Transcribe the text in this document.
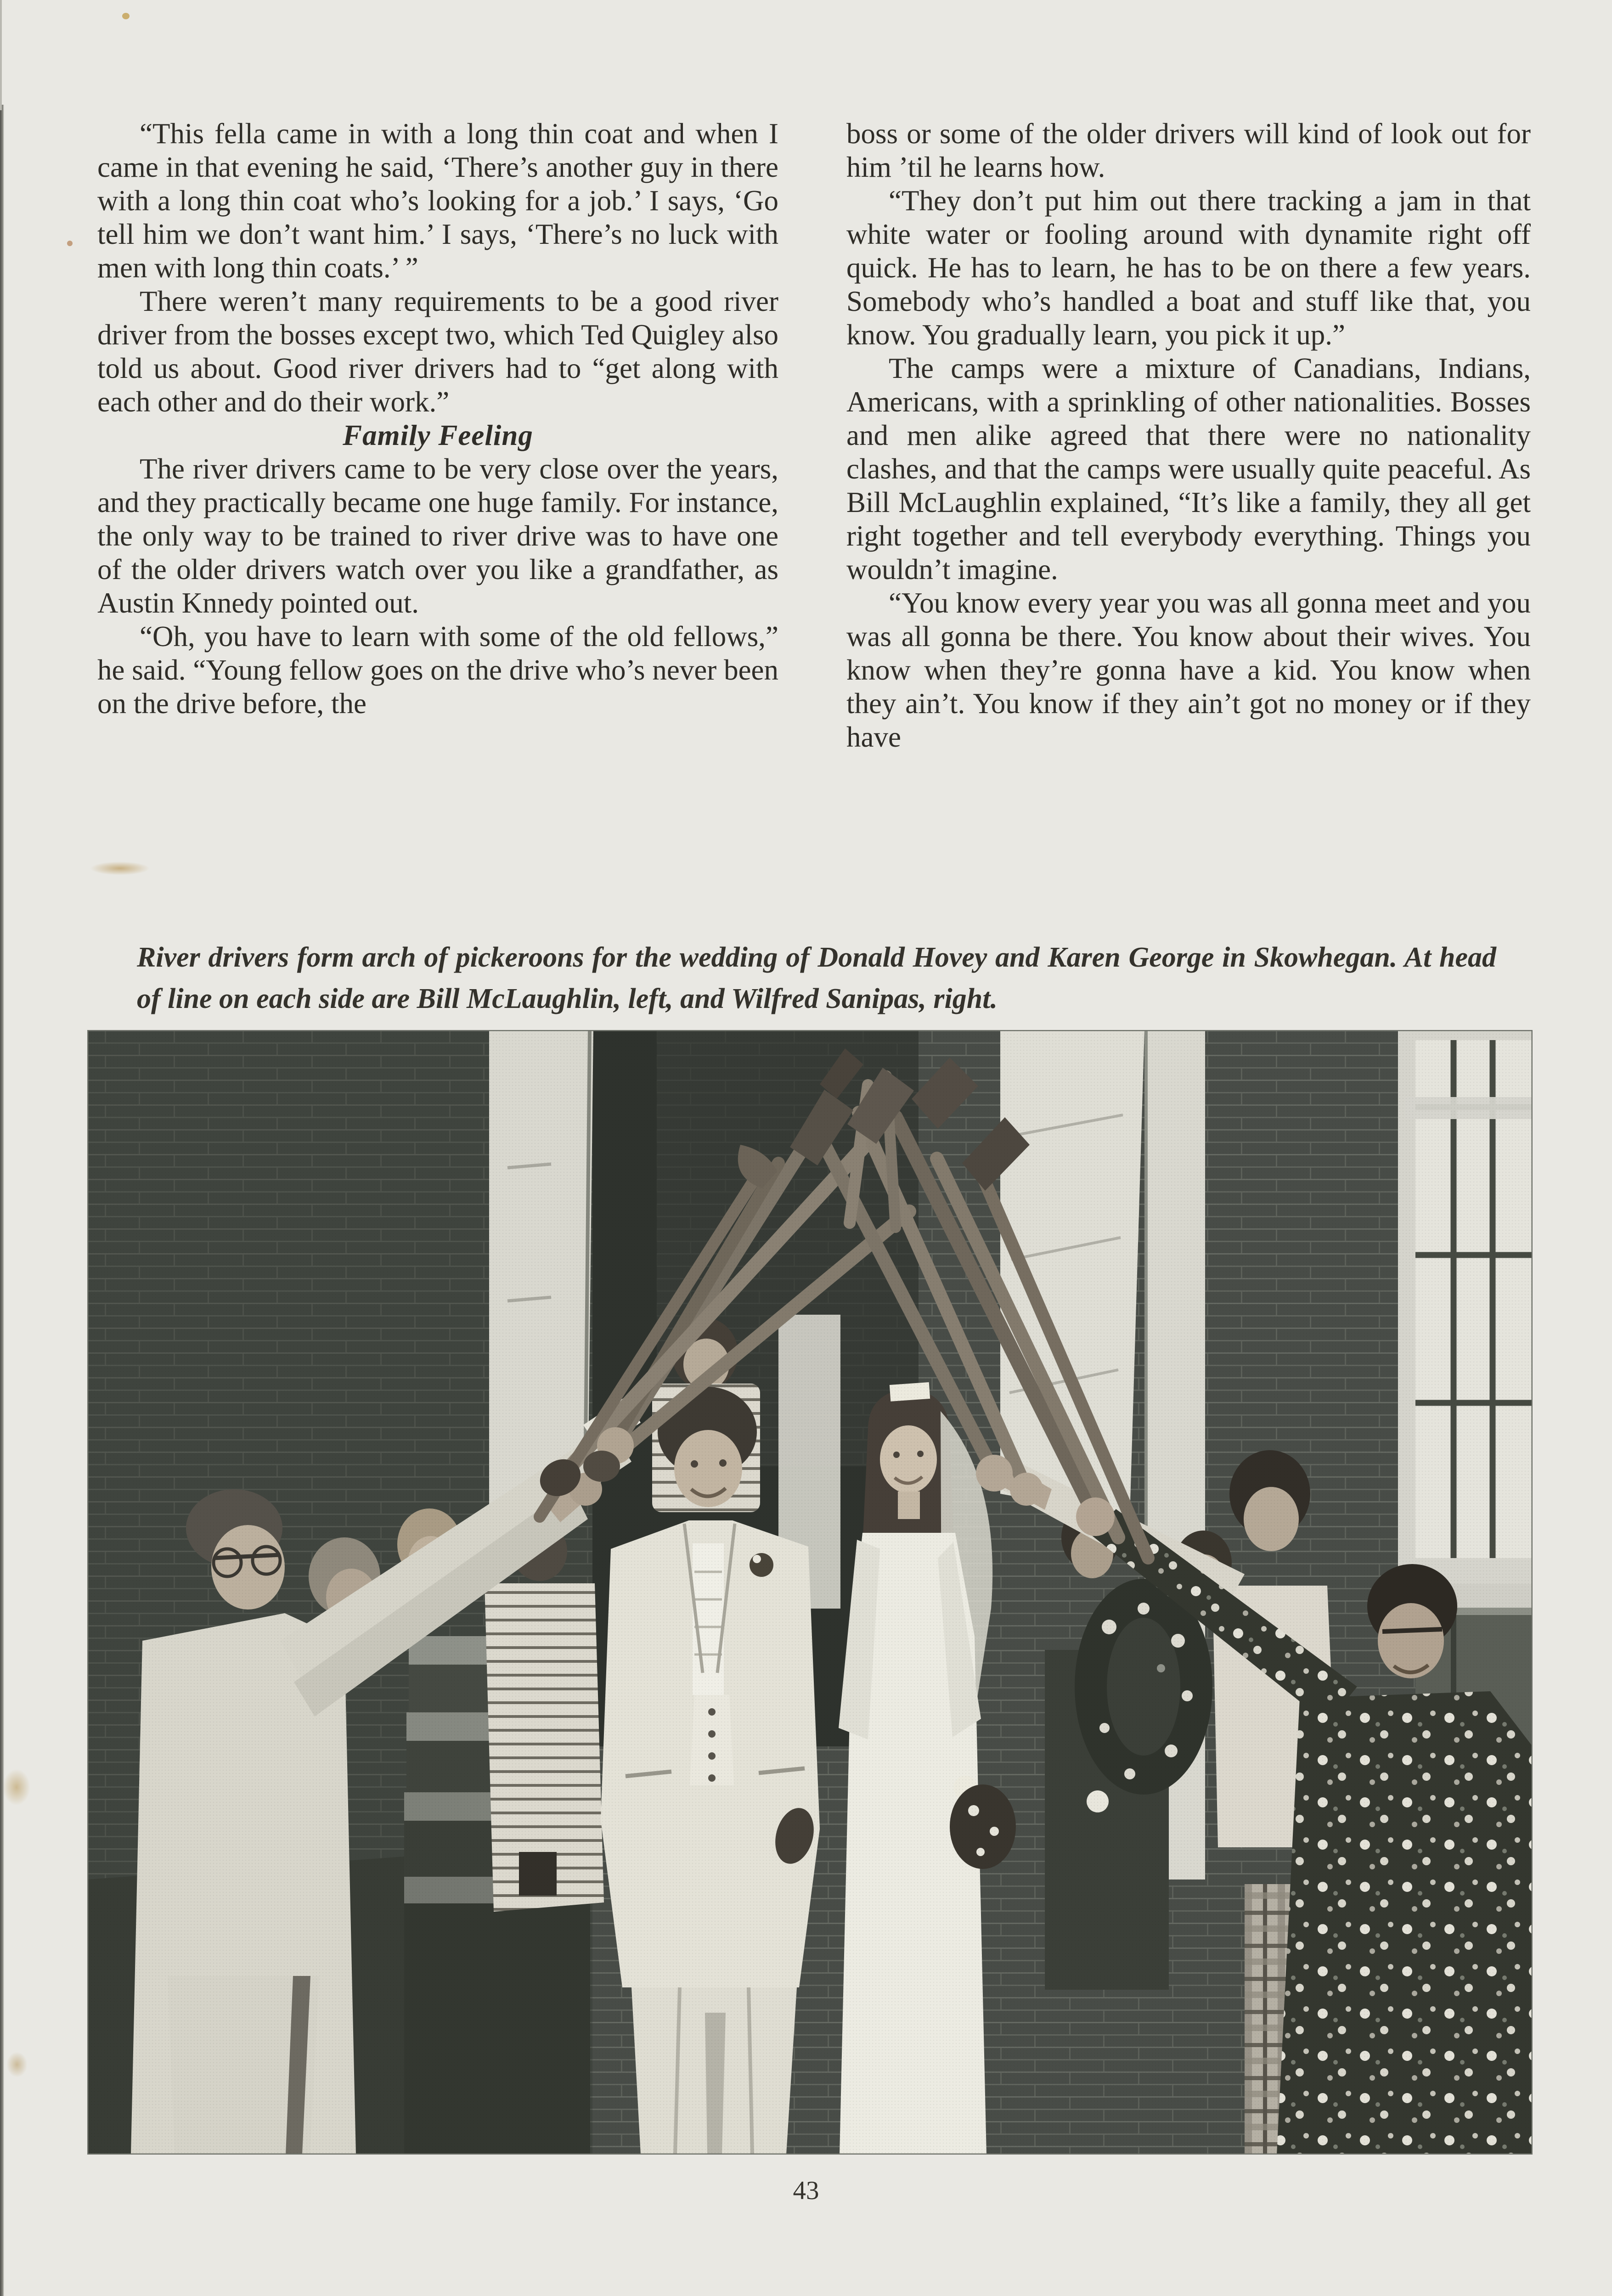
“This fella came in with a long thin coat and when I came in that evening he said, ‘There’s another guy in there with a long thin coat who’s looking for a job.’ I says, ‘Go tell him we don’t want him.’ I says, ‘There’s no luck with men with long thin coats.’ ”

There weren’t many requirements to be a good river driver from the bosses except two, which Ted Quigley also told us about. Good river drivers had to “get along with each other and do their work.”

Family Feeling

The river drivers came to be very close over the years, and they practically became one huge family. For instance, the only way to be trained to river drive was to have one of the older drivers watch over you like a grandfather, as Austin Knnedy pointed out.

“Oh, you have to learn with some of the old fellows,” he said. “Young fellow goes on the drive who’s never been on the drive before, the

boss or some of the older drivers will kind of look out for him ’til he learns how.

“They don’t put him out there tracking a jam in that white water or fooling around with dynamite right off quick. He has to learn, he has to be on there a few years. Somebody who’s handled a boat and stuff like that, you know. You gradually learn, you pick it up.”

The camps were a mixture of Canadians, Indians, Americans, with a sprinkling of other nationalities. Bosses and men alike agreed that there were no nationality clashes, and that the camps were usually quite peaceful. As Bill McLaughlin explained, “It’s like a family, they all get right together and tell everybody everything. Things you wouldn’t imagine.

“You know every year you was all gonna meet and you was all gonna be there. You know about their wives. You know when they’re gonna have a kid. You know when they ain’t. You know if they ain’t got no money or if they have

River drivers form arch of pickeroons for the wedding of Donald Hovey and Karen George in Skowhegan. At head of line on each side are Bill McLaughlin, left, and Wilfred Sanipas, right.
43
